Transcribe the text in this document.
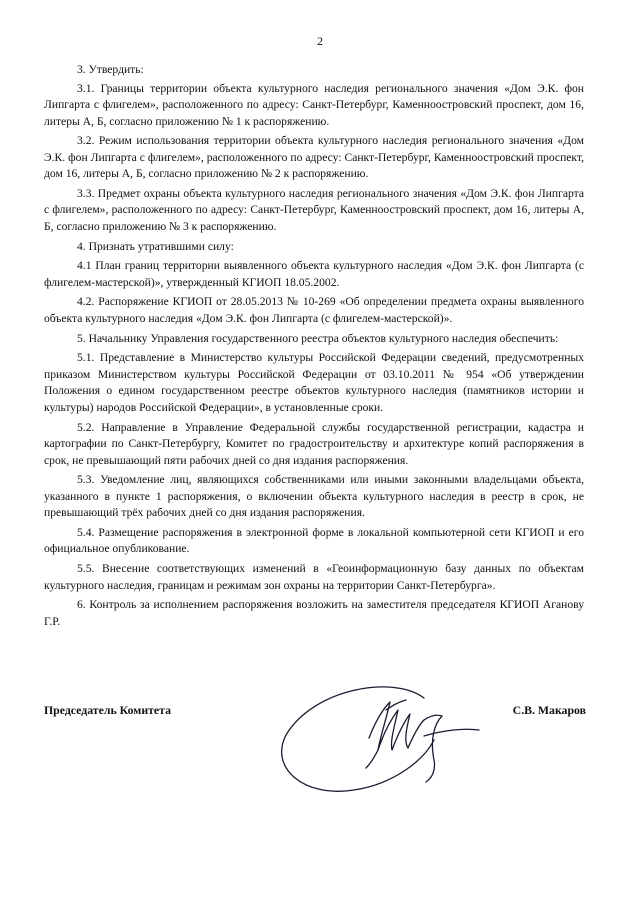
2

3. Утвердить:

3.1. Границы территории объекта культурного наследия регионального значения «Дом Э.К. фон Липгарта с флигелем», расположенного по адресу: Санкт-Петербург, Каменноостровский проспект, дом 16, литеры А, Б, согласно приложению № 1 к распоряжению.

3.2. Режим использования территории объекта культурного наследия регионального значения «Дом Э.К. фон Липгарта с флигелем», расположенного по адресу: Санкт-Петербург, Каменноостровский проспект, дом 16, литеры А, Б, согласно приложению № 2 к распоряжению.

3.3. Предмет охраны объекта культурного наследия регионального значения «Дом Э.К. фон Липгарта с флигелем», расположенного по адресу: Санкт-Петербург, Каменноостровский проспект, дом 16, литеры А, Б, согласно приложению № 3 к распоряжению.

4. Признать утратившими силу:

4.1 План границ территории выявленного объекта культурного наследия «Дом Э.К. фон Липгарта (с флигелем-мастерской)», утвержденный КГИОП 18.05.2002.

4.2. Распоряжение КГИОП от 28.05.2013 № 10-269 «Об определении предмета охраны выявленного объекта культурного наследия «Дом Э.К. фон Липгарта (с флигелем-мастерской)».

5. Начальнику Управления государственного реестра объектов культурного наследия обеспечить:

5.1. Представление в Министерство культуры Российской Федерации сведений, предусмотренных приказом Министерством культуры Российской Федерации от 03.10.2011 № 954 «Об утверждении Положения о едином государственном реестре объектов культурного наследия (памятников истории и культуры) народов Российской Федерации», в установленные сроки.

5.2. Направление в Управление Федеральной службы государственной регистрации, кадастра и картографии по Санкт-Петербургу, Комитет по градостроительству и архитектуре копий распоряжения в срок, не превышающий пяти рабочих дней со дня издания распоряжения.

5.3. Уведомление лиц, являющихся собственниками или иными законными владельцами объекта, указанного в пункте 1 распоряжения, о включении объекта культурного наследия в реестр в срок, не превышающий трёх рабочих дней со дня издания распоряжения.

5.4. Размещение распоряжения в электронной форме в локальной компьютерной сети КГИОП и его официальное опубликование.

5.5. Внесение соответствующих изменений в «Геоинформационную базу данных по объектам культурного наследия, границам и режимам зон охраны на территории Санкт-Петербурга».

6. Контроль за исполнением распоряжения возложить на заместителя председателя КГИОП Аганову Г.Р.

Председатель Комитета	С.В. Макаров
